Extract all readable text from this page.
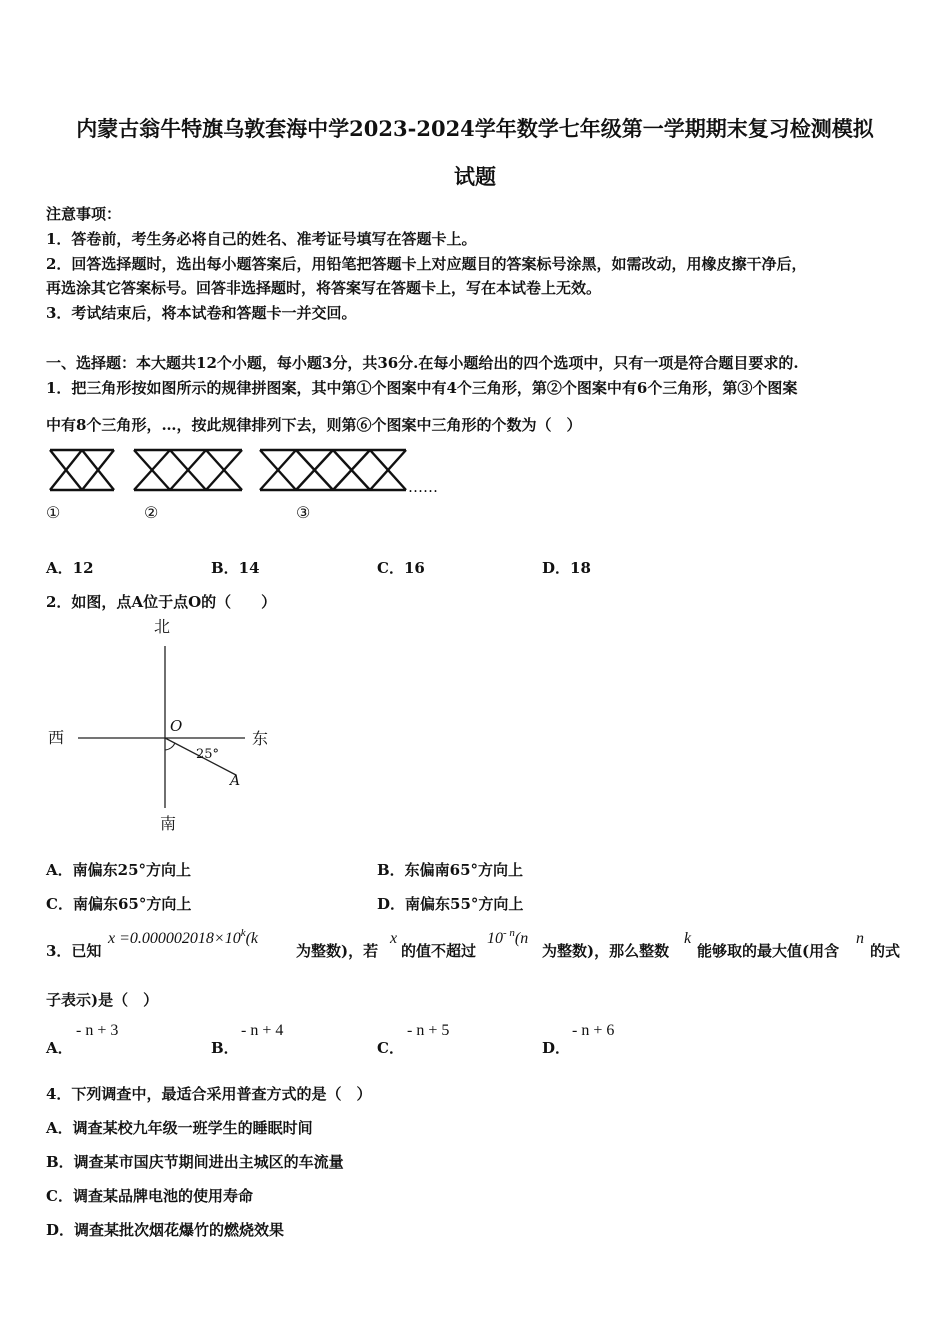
内蒙古翁牛特旗乌敦套海中学2023-2024学年数学七年级第一学期期末复习检测模拟
试题
注意事项：
1．答卷前，考生务必将自己的姓名、准考证号填写在答题卡上。
2．回答选择题时，选出每小题答案后，用铅笔把答题卡上对应题目的答案标号涂黑，如需改动，用橡皮擦干净后，
再选涂其它答案标号。回答非选择题时，将答案写在答题卡上，写在本试卷上无效。
3．考试结束后，将本试卷和答题卡一并交回。
一、选择题：本大题共12个小题，每小题3分，共36分.在每小题给出的四个选项中，只有一项是符合题目要求的.
1．把三角形按如图所示的规律拼图案，其中第①个图案中有4个三角形，第②个图案中有6个三角形，第③个图案
中有8个三角形，…，按此规律排列下去，则第⑥个图案中三角形的个数为（　）
……
①	②	③
A．12	B．14	C．16	D．18
2．如图，点A位于点O的（　　）
北
南
西	东
O
A
25°
A．南偏东25°方向上	B．东偏南65°方向上
C．南偏东65°方向上	D．南偏东55°方向上
3．已知
$x =0.000002018\times 10^k(k$
为整数)，若
x
的值不超过
$10^{- n}(n$
为整数)，那么整数
k
能够取的最大值(用含
n
的式
子表示)是（　）
A．
- n + 3
B．
- n + 4
C．
- n + 5
D．
- n + 6
4．下列调查中，最适合采用普查方式的是（　）
A．调查某校九年级一班学生的睡眠时间
B．调查某市国庆节期间进出主城区的车流量
C．调查某品牌电池的使用寿命
D．调查某批次烟花爆竹的燃烧效果
